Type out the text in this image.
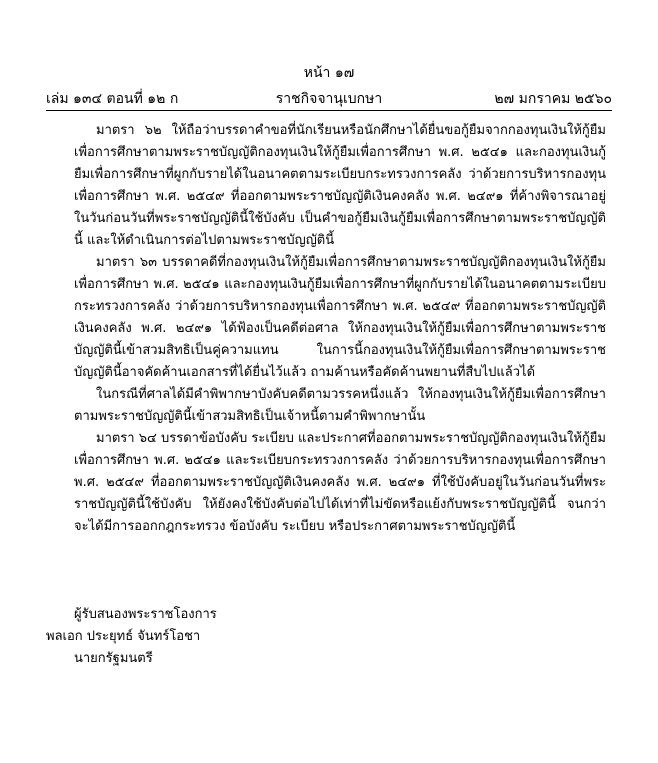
หน้า ๑๗
ราชกิจจานุเบกษา
เล่ม ๑๓๔ ตอนที่ ๑๒ ก	๒๗ มกราคม ๒๕๖๐

มาตรา ๖๒ ให้ถือว่าบรรดาคำขอที่นักเรียนหรือนักศึกษาได้ยื่นขอกู้ยืมจากกองทุนเงินให้กู้ยืมเพื่อการศึกษาตามพระราชบัญญัติกองทุนเงินให้กู้ยืมเพื่อการศึกษา พ.ศ. ๒๕๔๑ และกองทุนเงินกู้ยืมเพื่อการศึกษาที่ผูกกับรายได้ในอนาคตตามระเบียบกระทรวงการคลัง ว่าด้วยการบริหารกองทุนเพื่อการศึกษา พ.ศ. ๒๕๔๙ ที่ออกตามพระราชบัญญัติเงินคงคลัง พ.ศ. ๒๔๙๑ ที่ค้างพิจารณาอยู่ในวันก่อนวันที่พระราชบัญญัตินี้ใช้บังคับ เป็นคำขอกู้ยืมเงินกู้ยืมเพื่อการศึกษาตามพระราชบัญญัตินี้ และให้ดำเนินการต่อไปตามพระราชบัญญัตินี้

มาตรา ๖๓ บรรดาคดีที่กองทุนเงินให้กู้ยืมเพื่อการศึกษาตามพระราชบัญญัติกองทุนเงินให้กู้ยืมเพื่อการศึกษา พ.ศ. ๒๕๔๑ และกองทุนเงินกู้ยืมเพื่อการศึกษาที่ผูกกับรายได้ในอนาคตตามระเบียบกระทรวงการคลัง ว่าด้วยการบริหารกองทุนเพื่อการศึกษา พ.ศ. ๒๕๔๙ ที่ออกตามพระราชบัญญัติเงินคงคลัง พ.ศ. ๒๔๙๑ ได้ฟ้องเป็นคดีต่อศาล ให้กองทุนเงินให้กู้ยืมเพื่อการศึกษาตามพระราชบัญญัตินี้เข้าสวมสิทธิเป็นคู่ความแทน ในการนี้กองทุนเงินให้กู้ยืมเพื่อการศึกษาตามพระราชบัญญัตินี้อาจคัดค้านเอกสารที่ได้ยื่นไว้แล้ว ถามค้านหรือคัดค้านพยานที่สืบไปแล้วได้

ในกรณีที่ศาลได้มีคำพิพากษาบังคับคดีตามวรรคหนึ่งแล้ว ให้กองทุนเงินให้กู้ยืมเพื่อการศึกษาตามพระราชบัญญัตินี้เข้าสวมสิทธิเป็นเจ้าหนี้ตามคำพิพากษานั้น

มาตรา ๖๔ บรรดาข้อบังคับ ระเบียบ และประกาศที่ออกตามพระราชบัญญัติกองทุนเงินให้กู้ยืมเพื่อการศึกษา พ.ศ. ๒๕๔๑ และระเบียบกระทรวงการคลัง ว่าด้วยการบริหารกองทุนเพื่อการศึกษา พ.ศ. ๒๕๔๙ ที่ออกตามพระราชบัญญัติเงินคงคลัง พ.ศ. ๒๔๙๑ ที่ใช้บังคับอยู่ในวันก่อนวันที่พระราชบัญญัตินี้ใช้บังคับ ให้ยังคงใช้บังคับต่อไปได้เท่าที่ไม่ขัดหรือแย้งกับพระราชบัญญัตินี้ จนกว่าจะได้มีการออกกฎกระทรวง ข้อบังคับ ระเบียบ หรือประกาศตามพระราชบัญญัตินี้

ผู้รับสนองพระราชโองการ
พลเอก ประยุทธ์ จันทร์โอชา
นายกรัฐมนตรี
